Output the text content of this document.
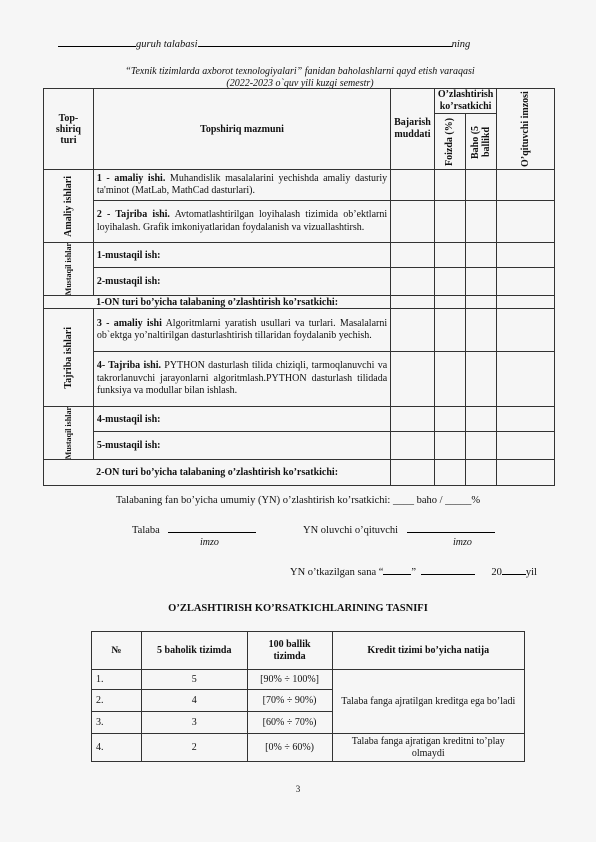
guruh talabasi	ning
“Texnik tizimlarda axborot texnologiyalari” fanidan baholashlarni qayd etish varaqasi
(2022-2023 o`quv yili kuzgi semestr)
Top-shiriq turi	Topshiriq mazmuni	Bajarish muddati	O’zlashtirish ko’rsatkichi		O’qituvchi imzosi

			Foizda (%)	Baho (5 ballikd	

Amaliy ishlari	1 - amaliy ishi. Muhandislik masalalarini yechishda amaliy dasturiy ta'minot (MatLab, MathCad dasturlari).				
	2 - Tajriba ishi. Avtomatlashtirilgan loyihalash tizimida ob’ektlarni loyihalash. Grafik imkoniyatlaridan foydalanish va vizuallashtirsh.				

Mustaqil ishlar	1-mustaqil ish:				
	2-mustaqil ish:				
1-ON turi bo’yicha talabaning o’zlashtirish ko’rsatkichi:					

Tajriba ishlari	3 - amaliy ishi Algoritmlarni yaratish usullari va turlari. Masalalarni ob`ektga yo’naltirilgan dasturlashtirish tillaridan foydalanib yechish.				
	4- Tajriba ishi. PYTHON dasturlash tilida chiziqli, tarmoqlanuvchi va takrorlanuvchi jarayonlarni algoritmlash.PYTHON dasturlash tilidada funksiya va modullar bilan ishlash.				

Mustaqil ishlar	4-mustaqil ish:				
	5-mustaqil ish:				
2-ON turi bo’yicha talabaning o’zlashtirish ko’rsatkichi:					
Talabaning fan bo’yicha umumiy (YN) o’zlashtirish ko’rsatkichi: ____ baho / _____%
Talaba
imzo
YN oluvchi o’qituvchi
imzo
YN o’tkazilgan sana “	”	20 yil
O’ZLASHTIRISH KO’RSATKICHLARINING TASNIFI
№	5 baholik tizimda	100 ballik tizimda	Kredit tizimi bo’yicha natija
1.	5	[90% ÷ 100%]	Talaba fanga ajratilgan kreditga ega bo’ladi
2.	4	[70% ÷ 90%)	
3.	3	[60% ÷ 70%)	
4.	2	[0% ÷ 60%)	Talaba fanga ajratigan kreditni to’play olmaydi
3
